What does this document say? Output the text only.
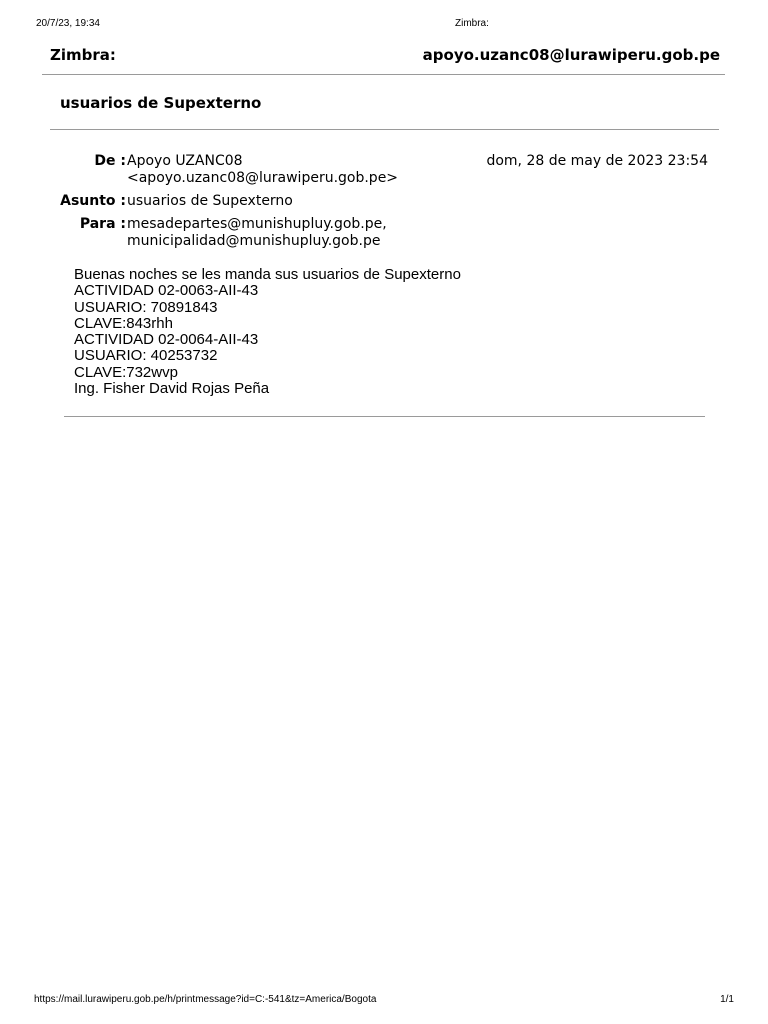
20/7/23, 19:34	Zimbra:
Zimbra:	apoyo.uzanc08@lurawiperu.gob.pe
usuarios de Supexterno
De : Apoyo UZANC08
<apoyo.uzanc08@lurawiperu.gob.pe>
dom, 28 de may de 2023 23:54
Asunto : usuarios de Supexterno
Para : mesadepartes@munishupluy.gob.pe,
municipalidad@munishupluy.gob.pe
Buenas noches se les manda sus usuarios de Supexterno
ACTIVIDAD 02-0063-AII-43
USUARIO: 70891843
CLAVE:843rhh
ACTIVIDAD 02-0064-AII-43
USUARIO: 40253732
CLAVE:732wvp
Ing. Fisher David Rojas Peña
https://mail.lurawiperu.gob.pe/h/printmessage?id=C:-541&tz=America/Bogota	1/1
